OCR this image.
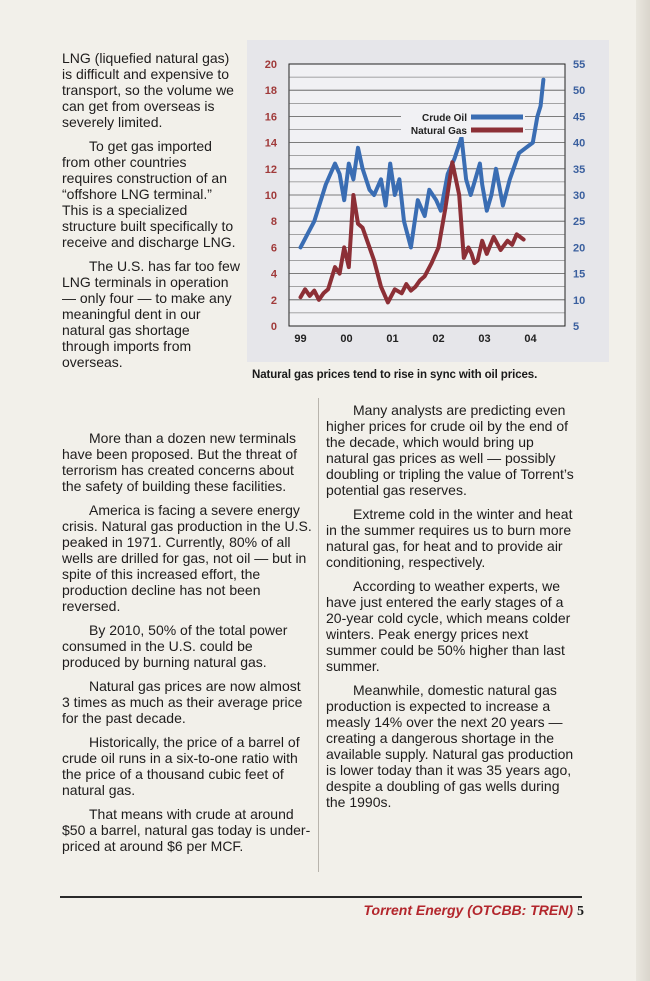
LNG (liquefied natural gas) is difficult and expensive to transport, so the volume we can get from overseas is severely limited.

To get gas imported from other countries requires construction of an “offshore LNG terminal.” This is a specialized structure built specifically to receive and discharge LNG.

The U.S. has far too few LNG terminals in operation — only four — to make any meaningful dent in our natural gas shortage through imports from overseas.

0
2
4
6
8
10
12
14
16
18
20
5
10
15
20
25
30
35
40
45
50
55
99	00	01	02	03	04
Crude Oil
Natural Gas
Natural gas prices tend to rise in sync with oil prices.

More than a dozen new terminals have been proposed. But the threat of terrorism has created concerns about the safety of building these facilities.

America is facing a severe energy crisis. Natural gas production in the U.S. peaked in 1971. Currently, 80% of all wells are drilled for gas, not oil — but in spite of this increased effort, the production decline has not been reversed.

By 2010, 50% of the total power consumed in the U.S. could be produced by burning natural gas.

Natural gas prices are now almost 3 times as much as their average price for the past decade.

Historically, the price of a barrel of crude oil runs in a six-to-one ratio with the price of a thousand cubic feet of natural gas.

That means with crude at around $50 a barrel, natural gas today is under-priced at around $6 per MCF.

Many analysts are predicting even higher prices for crude oil by the end of the decade, which would bring up natural gas prices as well — possibly doubling or tripling the value of Torrent’s potential gas reserves.

Extreme cold in the winter and heat in the summer requires us to burn more natural gas, for heat and to provide air conditioning, respectively.

According to weather experts, we have just entered the early stages of a 20-year cold cycle, which means colder winters. Peak energy prices next summer could be 50% higher than last summer.

Meanwhile, domestic natural gas production is expected to increase a measly 14% over the next 20 years — creating a dangerous shortage in the available supply. Natural gas production is lower today than it was 35 years ago, despite a doubling of gas wells during the 1990s.

Torrent Energy (OTCBB: TREN) 5
